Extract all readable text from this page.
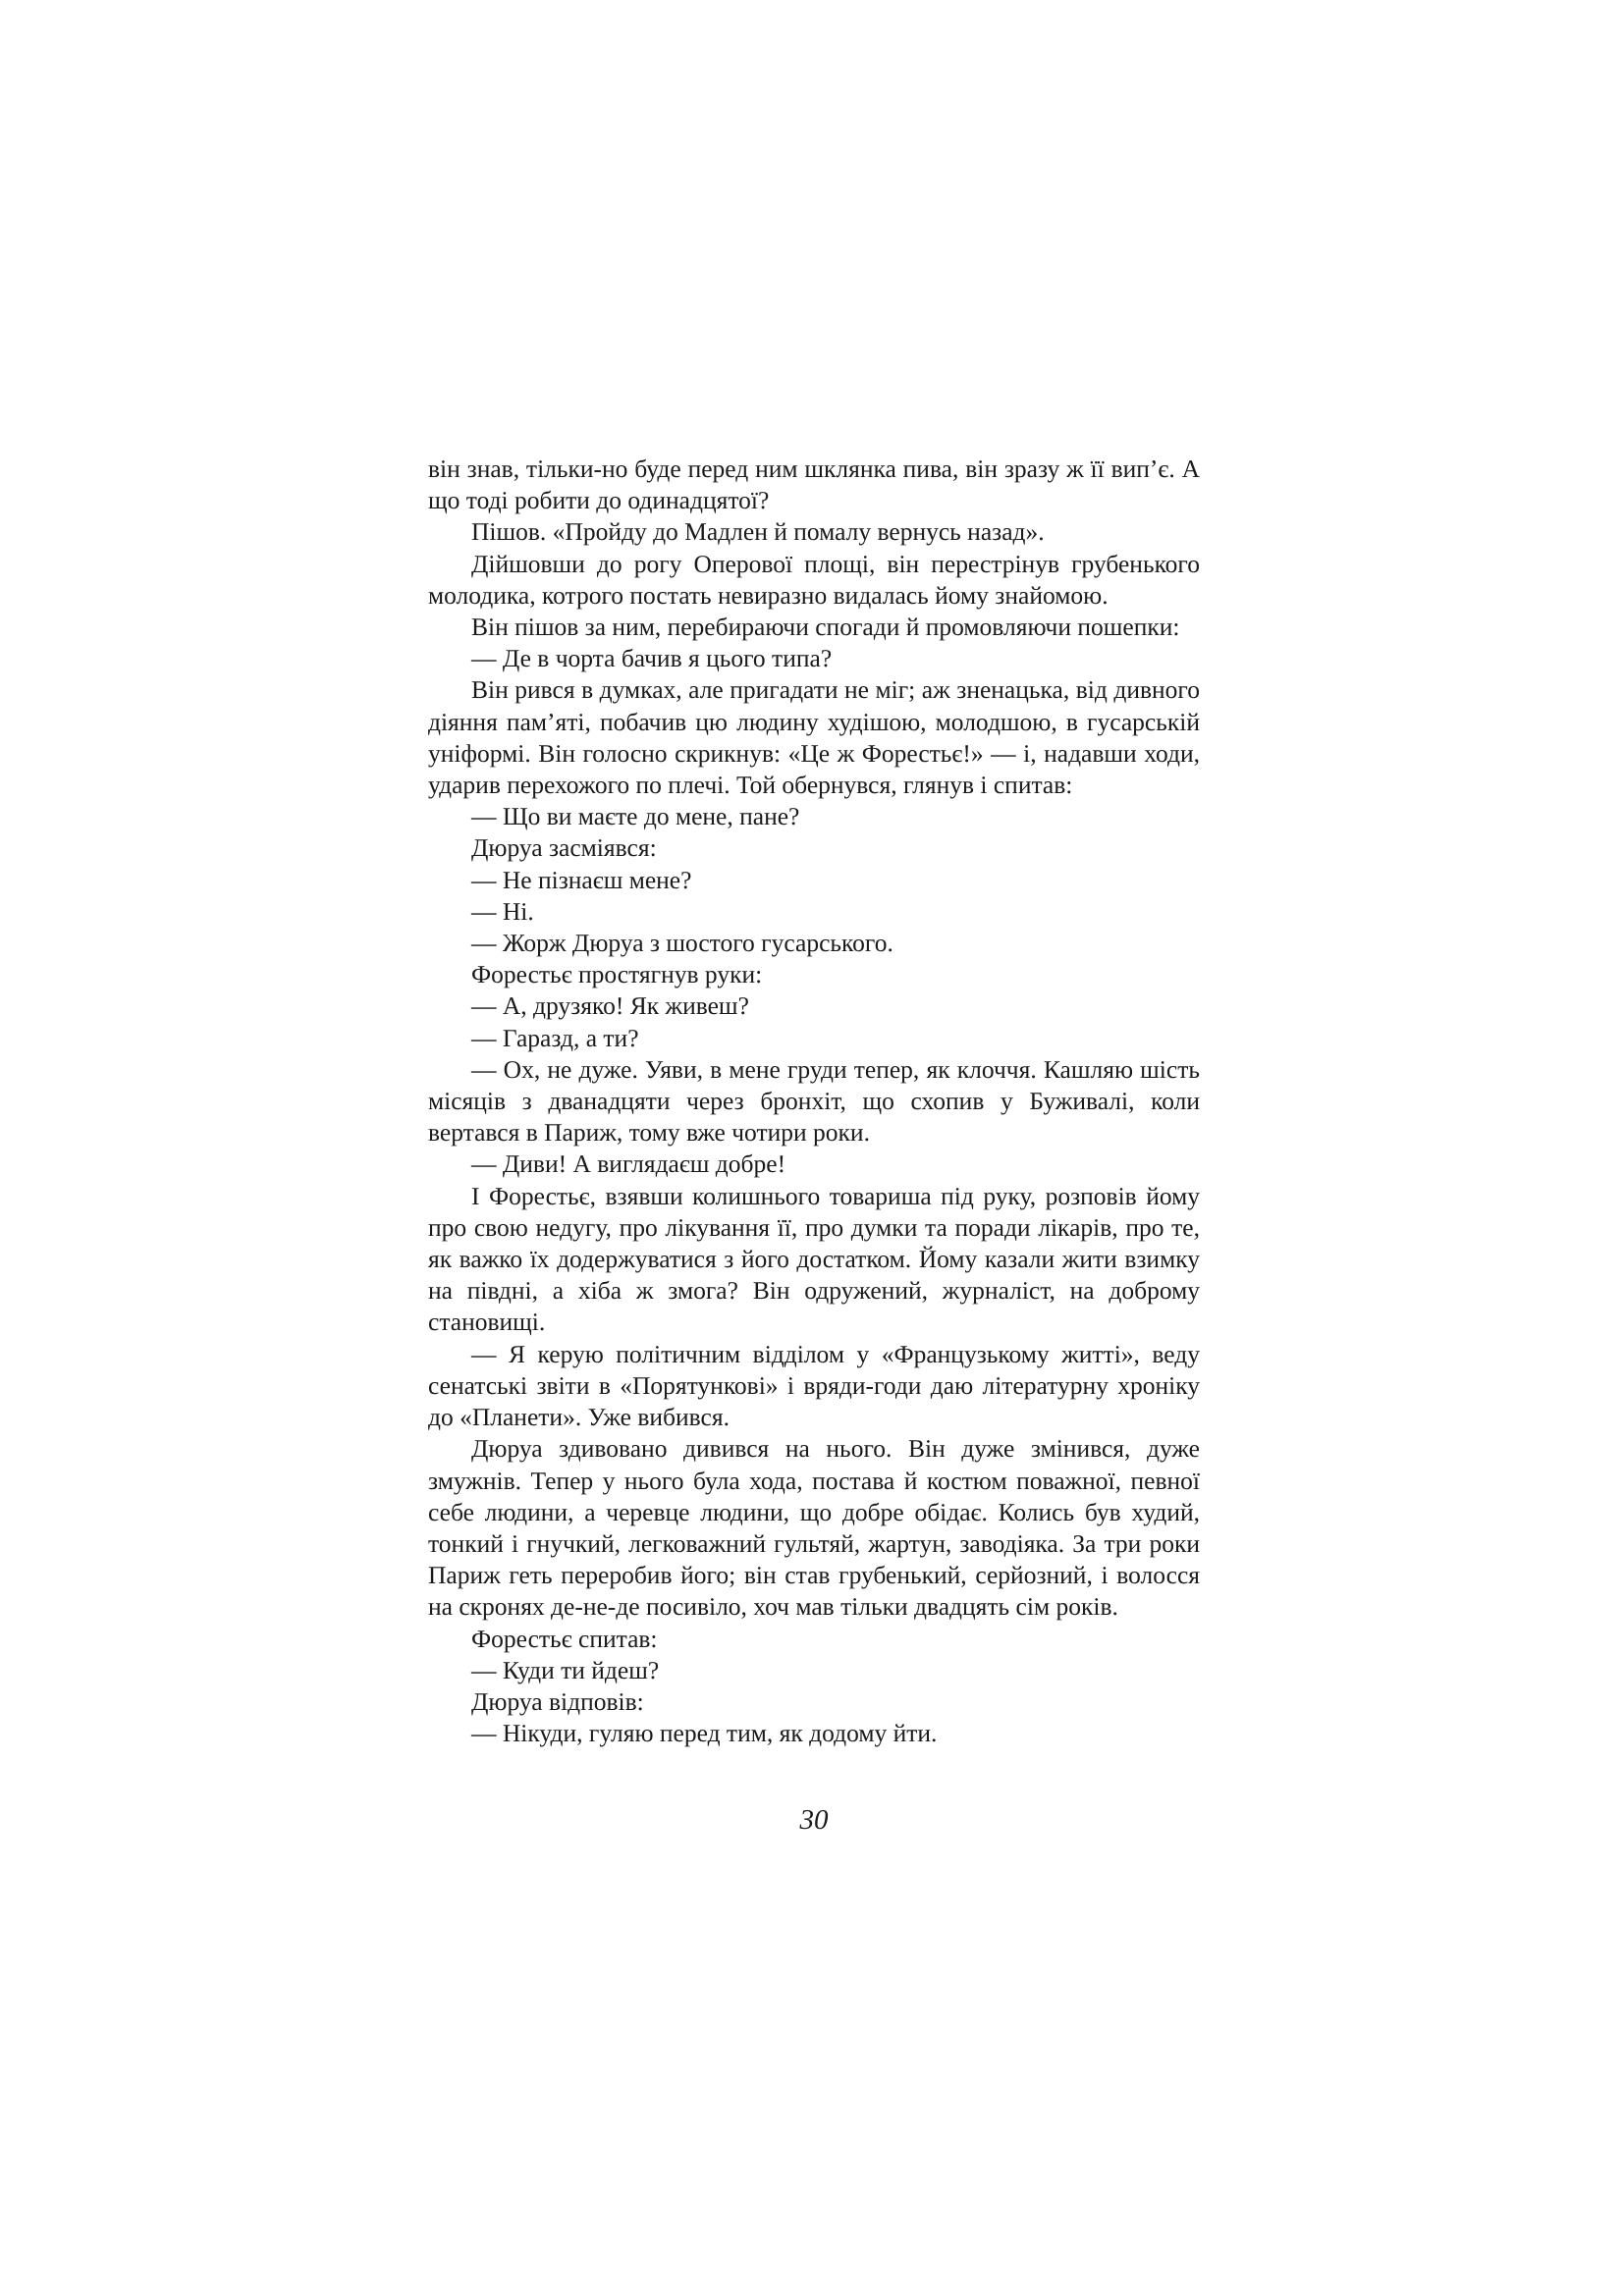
він знав, тільки-но буде перед ним шклянка пива, він зразу ж її вип’є. А що тоді робити до одинадцятої?

Пішов. «Пройду до Мадлен й помалу вернусь назад».

Дійшовши до рогу Оперової площі, він перестрінув грубенького молодика, котрого постать невиразно видалась йому знайомою.

Він пішов за ним, перебираючи спогади й промовляючи пошепки:

— Де в чорта бачив я цього типа?

Він рився в думках, але пригадати не міг; аж зненацька, від дивного діяння пам’яті, побачив цю людину худішою, молодшою, в гусарській уніформі. Він голосно скрикнув: «Це ж Форестьє!» — і, надавши ходи, ударив перехожого по плечі. Той обернувся, глянув і спитав:

— Що ви маєте до мене, пане?

Дюруа засміявся:

— Не пізнаєш мене?

— Ні.

— Жорж Дюруа з шостого гусарського.

Форестьє простягнув руки:

— А, друзяко! Як живеш?

— Гаразд, а ти?

— Ох, не дуже. Уяви, в мене груди тепер, як клоччя. Кашляю шість місяців з дванадцяти через бронхіт, що схопив у Буживалі, коли вертався в Париж, тому вже чотири роки.

— Диви! А виглядаєш добре!

І Форестьє, взявши колишнього товариша під руку, розповів йому про свою недугу, про лікування її, про думки та поради лікарів, про те, як важко їх додержуватися з його достатком. Йому казали жити взимку на півдні, а хіба ж змога? Він одружений, журналіст, на доброму становищі.

— Я керую політичним відділом у «Французькому житті», веду сенатські звіти в «Порятункові» і вряди-годи даю літературну хроніку до «Планети». Уже вибився.

Дюруа здивовано дивився на нього. Він дуже змінився, дуже змужнів. Тепер у нього була хода, постава й костюм поважної, певної себе людини, а черевце людини, що добре обідає. Колись був худий, тонкий і гнучкий, легковажний гультяй, жартун, заводіяка. За три роки Париж геть переробив його; він став грубенький, серйозний, і волосся на скронях де-не-де посивіло, хоч мав тільки двадцять сім років.

Форестьє спитав:

— Куди ти йдеш?

Дюруа відповів:

— Нікуди, гуляю перед тим, як додому йти.

30
